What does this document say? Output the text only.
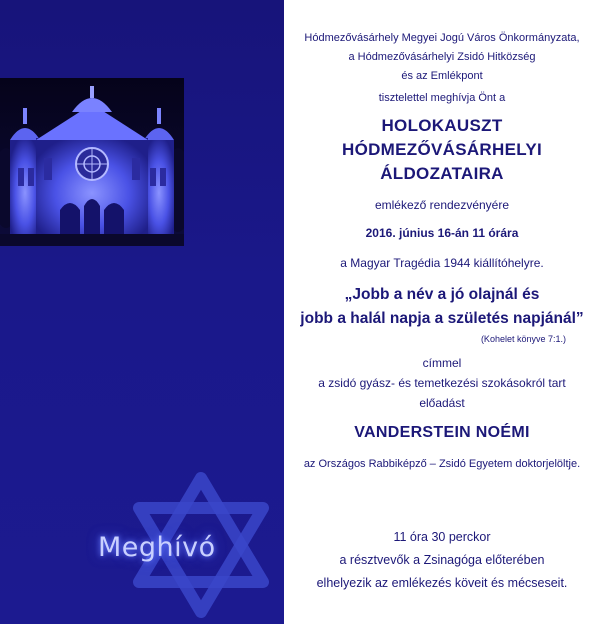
Meghívó
Hódmezővásárhely Megyei Jogú Város Önkormányzata,
a Hódmezővásárhelyi Zsidó Hitközség
és az Emlékpont
tisztelettel meghívja Önt a
HOLOKAUSZT
HÓDMEZŐVÁSÁRHELYI
ÁLDOZATAIRA
emlékező rendezvényére
2016. június 16-án 11 órára
a Magyar Tragédia 1944 kiállítóhelyre.
„Jobb a név a jó olajnál és
jobb a halál napja a születés napjánál”
(Kohelet könyve 7:1.)
címmel
a zsidó gyász- és temetkezési szokásokról tart
előadást
VANDERSTEIN NOÉMI
az Országos Rabbiképző – Zsidó Egyetem doktorjelöltje.
11 óra 30 perckor
a résztvevők a Zsinagóga előterében
elhelyezik az emlékezés köveit és mécseseit.
